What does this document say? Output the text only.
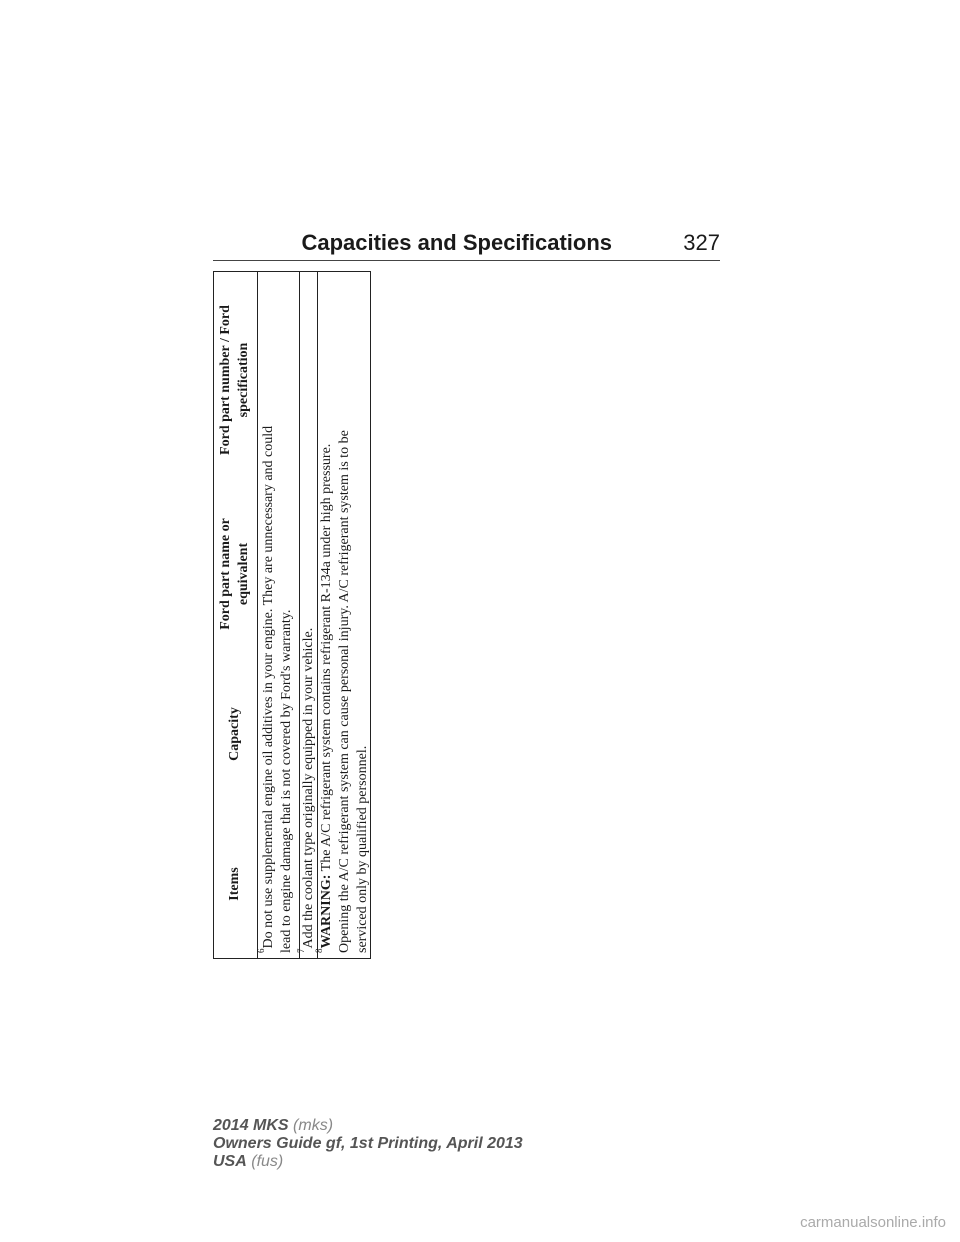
Capacities and Specifications	327
Items
Capacity
Ford part name or equivalent
Ford part number / Ford specification
$^6$Do not use supplemental engine oil additives in your engine. They are unnecessary and could lead to engine damage that is not covered by Ford's warranty. $^7$Add the coolant type originally equipped in your vehicle.
$^8$WARNING: The A/C refrigerant system contains refrigerant R-134a under high pressure. Opening the A/C refrigerant system can cause personal injury. A/C refrigerant system is to be serviced only by qualified personnel.
2014 MKS (mks)
Owners Guide gf, 1st Printing, April 2013
USA (fus)
carmanualsonline.info
